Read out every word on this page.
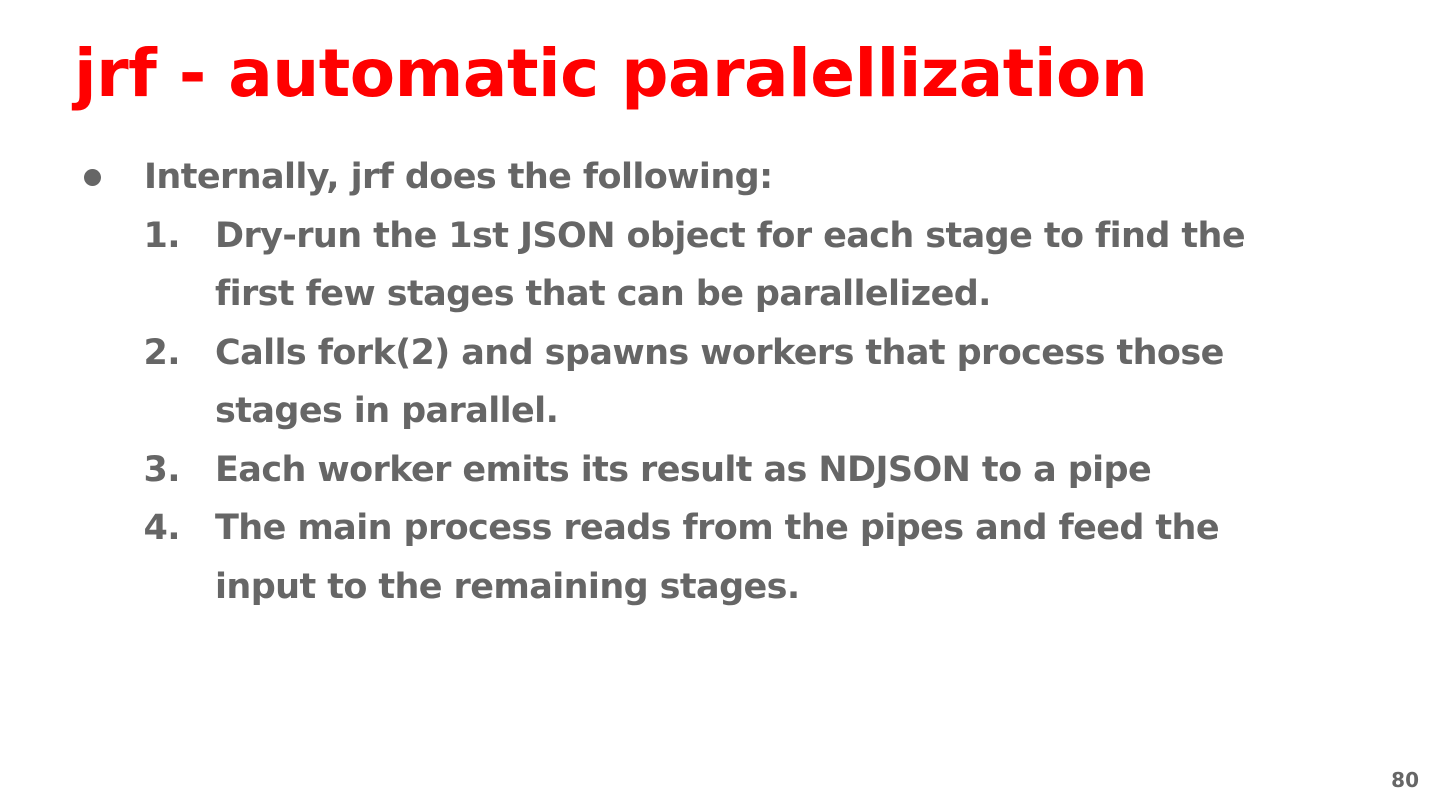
jrf - automatic paralellization
Internally, jrf does the following:
1. Dry-run the 1st JSON object for each stage to find the first few stages that can be parallelized.
2. Calls fork(2) and spawns workers that process those stages in parallel.
3. Each worker emits its result as NDJSON to a pipe
4. The main process reads from the pipes and feed the input to the remaining stages.
80
